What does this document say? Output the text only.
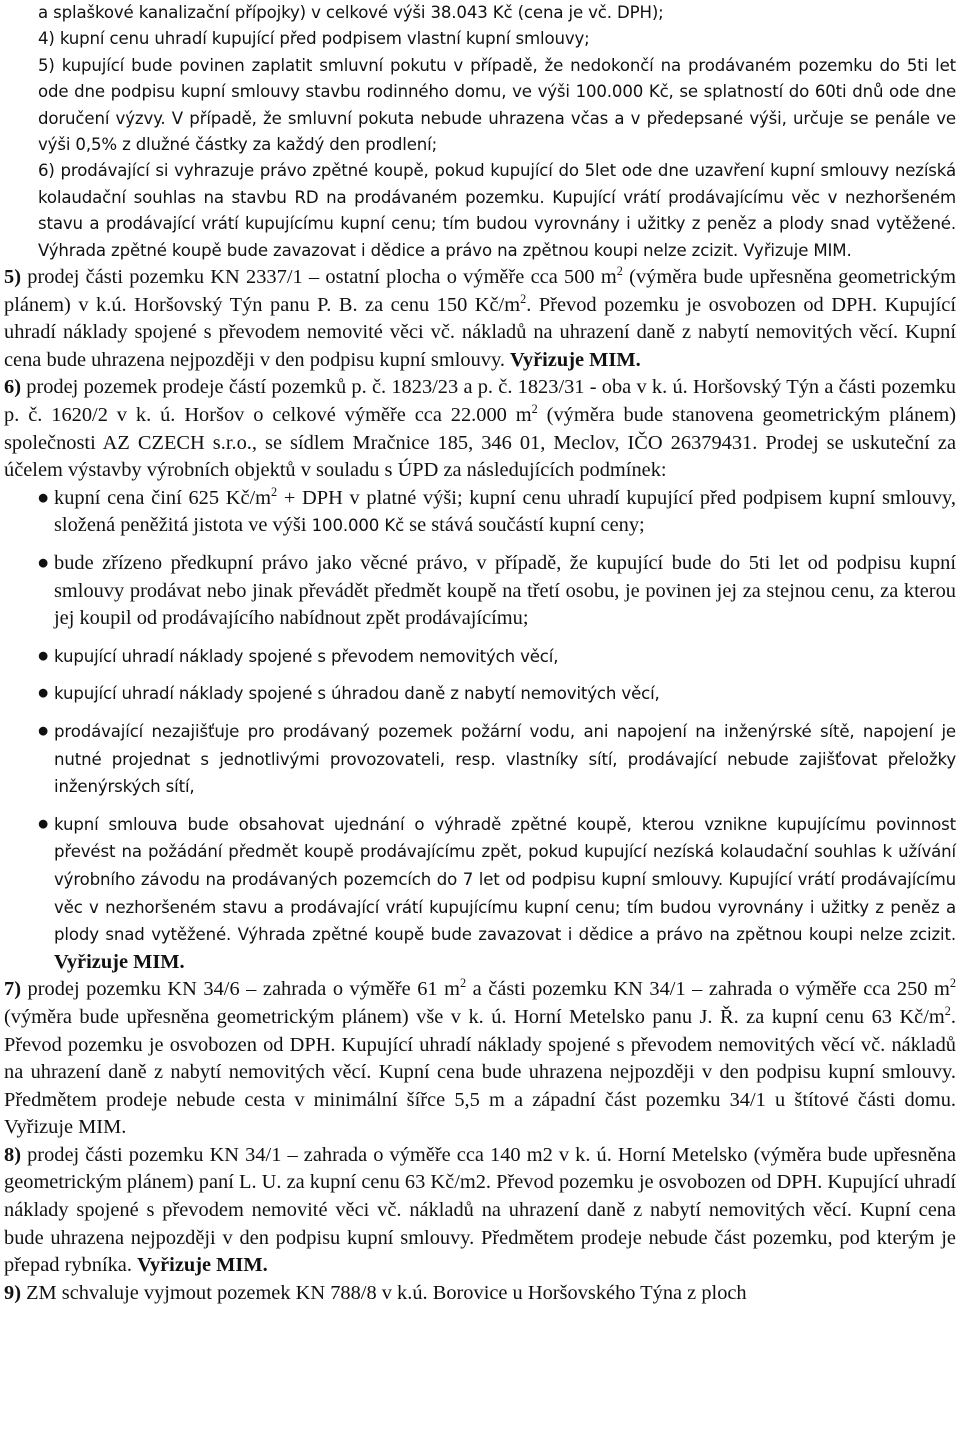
a splaškové kanalizační přípojky) v celkové výši 38.043 Kč (cena je vč. DPH);

4) kupní cenu uhradí kupující před podpisem vlastní kupní smlouvy;

5) kupující bude povinen zaplatit smluvní pokutu v případě, že nedokončí na prodávaném pozemku do 5ti let ode dne podpisu kupní smlouvy stavbu rodinného domu, ve výši 100.000 Kč, se splatností do 60ti dnů ode dne doručení výzvy. V případě, že smluvní pokuta nebude uhrazena včas a v předepsané výši, určuje se penále ve výši 0,5% z dlužné částky za každý den prodlení;

6) prodávající si vyhrazuje právo zpětné koupě, pokud kupující do 5let ode dne uzavření kupní smlouvy nezíská kolaudační souhlas na stavbu RD na prodávaném pozemku. Kupující vrátí prodávajícímu věc v nezhoršeném stavu a prodávající vrátí kupujícímu kupní cenu; tím budou vyrovnány i užitky z peněz a plody snad vytěžené. Výhrada zpětné koupě bude zavazovat i dědice a právo na zpětnou koupi nelze zcizit. Vyřizuje MIM.

5) prodej části pozemku KN 2337/1 – ostatní plocha o výměře cca 500 $m^2$ (výměra bude upřesněna geometrickým plánem) v k.ú. Horšovský Týn panu P. B. za cenu 150 $Kč/m^2$. Převod pozemku je osvobozen od DPH. Kupující uhradí náklady spojené s převodem nemovité věci vč. nákladů na uhrazení daně z nabytí nemovitých věcí. Kupní cena bude uhrazena nejpozději v den podpisu kupní smlouvy. Vyřizuje MIM.

6) prodej pozemek prodeje částí pozemků p. č. 1823/23 a p. č. 1823/31 - oba v k. ú. Horšovský Týn a části pozemku p. č. 1620/2 v k. ú. Horšov o celkové výměře cca 22.000 $m^2$ (výměra bude stanovena geometrickým plánem) společnosti AZ CZECH s.r.o., se sídlem Mračnice 185, 346 01, Meclov, IČO 26379431. Prodej se uskuteční za účelem výstavby výrobních objektů v souladu s ÚPD za následujících podmínek:

● kupní cena činí 625 $Kč/m^2$ + DPH v platné výši; kupní cenu uhradí kupující před podpisem kupní smlouvy, složená peněžitá jistota ve výši 100.000 Kč se stává součástí kupní ceny;
● bude zřízeno předkupní právo jako věcné právo, v případě, že kupující bude do 5ti let od podpisu kupní smlouvy prodávat nebo jinak převádět předmět koupě na třetí osobu, je povinen jej za stejnou cenu, za kterou jej koupil od prodávajícího nabídnout zpět prodávajícímu;
● kupující uhradí náklady spojené s převodem nemovitých věcí,
● kupující uhradí náklady spojené s úhradou daně z nabytí nemovitých věcí,
● prodávající nezajišťuje pro prodávaný pozemek požární vodu, ani napojení na inženýrské sítě, napojení je nutné projednat s jednotlivými provozovateli, resp. vlastníky sítí, prodávající nebude zajišťovat přeložky inženýrských sítí,
● kupní smlouva bude obsahovat ujednání o výhradě zpětné koupě, kterou vznikne kupujícímu povinnost převést na požádání předmět koupě prodávajícímu zpět, pokud kupující nezíská kolaudační souhlas k užívání výrobního závodu na prodávaných pozemcích do 7 let od podpisu kupní smlouvy. Kupující vrátí prodávajícímu věc v nezhoršeném stavu a prodávající vrátí kupujícímu kupní cenu; tím budou vyrovnány i užitky z peněz a plody snad vytěžené. Výhrada zpětné koupě bude zavazovat i dědice a právo na zpětnou koupi nelze zcizit. Vyřizuje MIM.

7) prodej pozemku KN 34/6 – zahrada o výměře 61 $m^2$ a části pozemku KN 34/1 – zahrada o výměře cca 250 $m^2$ (výměra bude upřesněna geometrickým plánem) vše v k. ú. Horní Metelsko panu J. Ř. za kupní cenu 63 $Kč/m^2$. Převod pozemku je osvobozen od DPH. Kupující uhradí náklady spojené s převodem nemovitých věcí vč. nákladů na uhrazení daně z nabytí nemovitých věcí. Kupní cena bude uhrazena nejpozději v den podpisu kupní smlouvy. Předmětem prodeje nebude cesta v minimální šířce 5,5 m a západní část pozemku 34/1 u štítové části domu. Vyřizuje MIM.

8) prodej části pozemku KN 34/1 – zahrada o výměře cca 140 m2 v k. ú. Horní Metelsko (výměra bude upřesněna geometrickým plánem) paní L. U. za kupní cenu 63 Kč/m2. Převod pozemku je osvobozen od DPH. Kupující uhradí náklady spojené s převodem nemovité věci vč. nákladů na uhrazení daně z nabytí nemovitých věcí. Kupní cena bude uhrazena nejpozději v den podpisu kupní smlouvy. Předmětem prodeje nebude část pozemku, pod kterým je přepad rybníka. Vyřizuje MIM.

9) ZM schvaluje vyjmout pozemek KN 788/8 v k.ú. Borovice u Horšovského Týna z ploch
